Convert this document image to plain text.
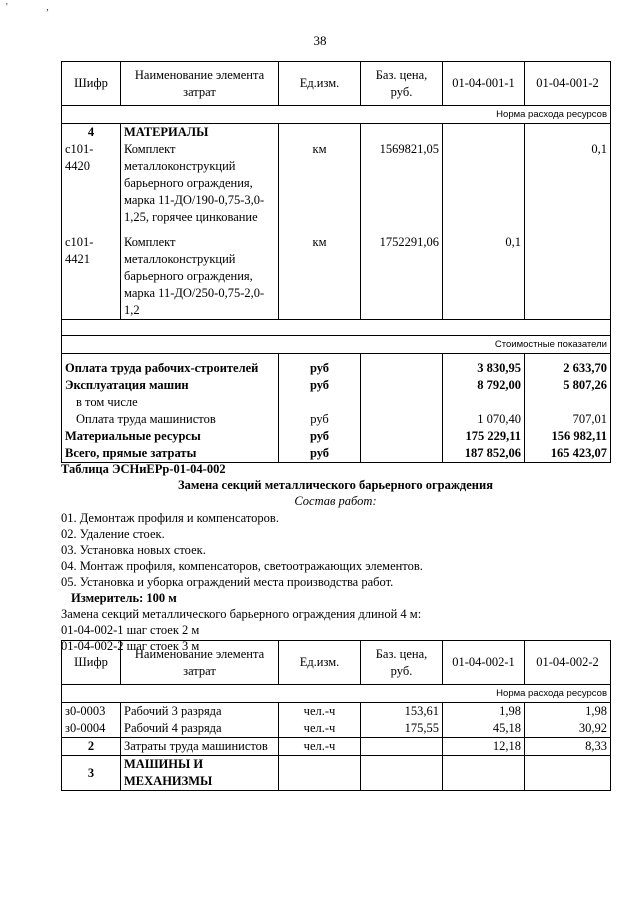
' ,
38
Шифр	Наименование элемента затрат	Ед.изм.	Баз. цена, руб.	01-04-001-1	01-04-001-2
Норма расхода ресурсов					
4	МАТЕРИАЛЫ				
с101-4420	Комплект металлоконструкций барьерного ограждения, марка 11-ДО/190-0,75-3,0-1,25, горячее цинкование	км	1569821,05		0,1

с101-4421	Комплект металлоконструкций барьерного ограждения, марка 11-ДО/250-0,75-2,0-1,2	км	1752291,06	0,1	

Стоимостные показатели					

Оплата труда рабочих-строителей		руб		3 830,95	2 633,70
Эксплуатация машин		руб		8 792,00	5 807,26
в том числе					
Оплата труда машинистов		руб		1 070,40	707,01
Материальные ресурсы		руб		175 229,11	156 982,11
Всего, прямые затраты		руб		187 852,06	165 423,07
Таблица ЭСНиЕРр-01-04-002
Замена секций металлического барьерного ограждения
Состав работ:
01. Демонтаж профиля и компенсаторов.
02. Удаление стоек.
03. Установка новых стоек.
04. Монтаж профиля, компенсаторов, светоотражающих элементов.
05. Установка и уборка ограждений места производства работ.
Измеритель: 100 м
Замена секций металлического барьерного ограждения длиной 4 м:
01-04-002-1 шаг стоек 2 м
01-04-002-2 шаг стоек 3 м
Шифр	Наименование элемента затрат	Ед.изм.	Баз. цена, руб.	01-04-002-1	01-04-002-2
Норма расхода ресурсов					
з0-0003	Рабочий 3 разряда	чел.-ч	153,61	1,98	1,98
з0-0004	Рабочий 4 разряда	чел.-ч	175,55	45,18	30,92
2	Затраты труда машинистов	чел.-ч		12,18	8,33
3	МАШИНЫ И МЕХАНИЗМЫ				
